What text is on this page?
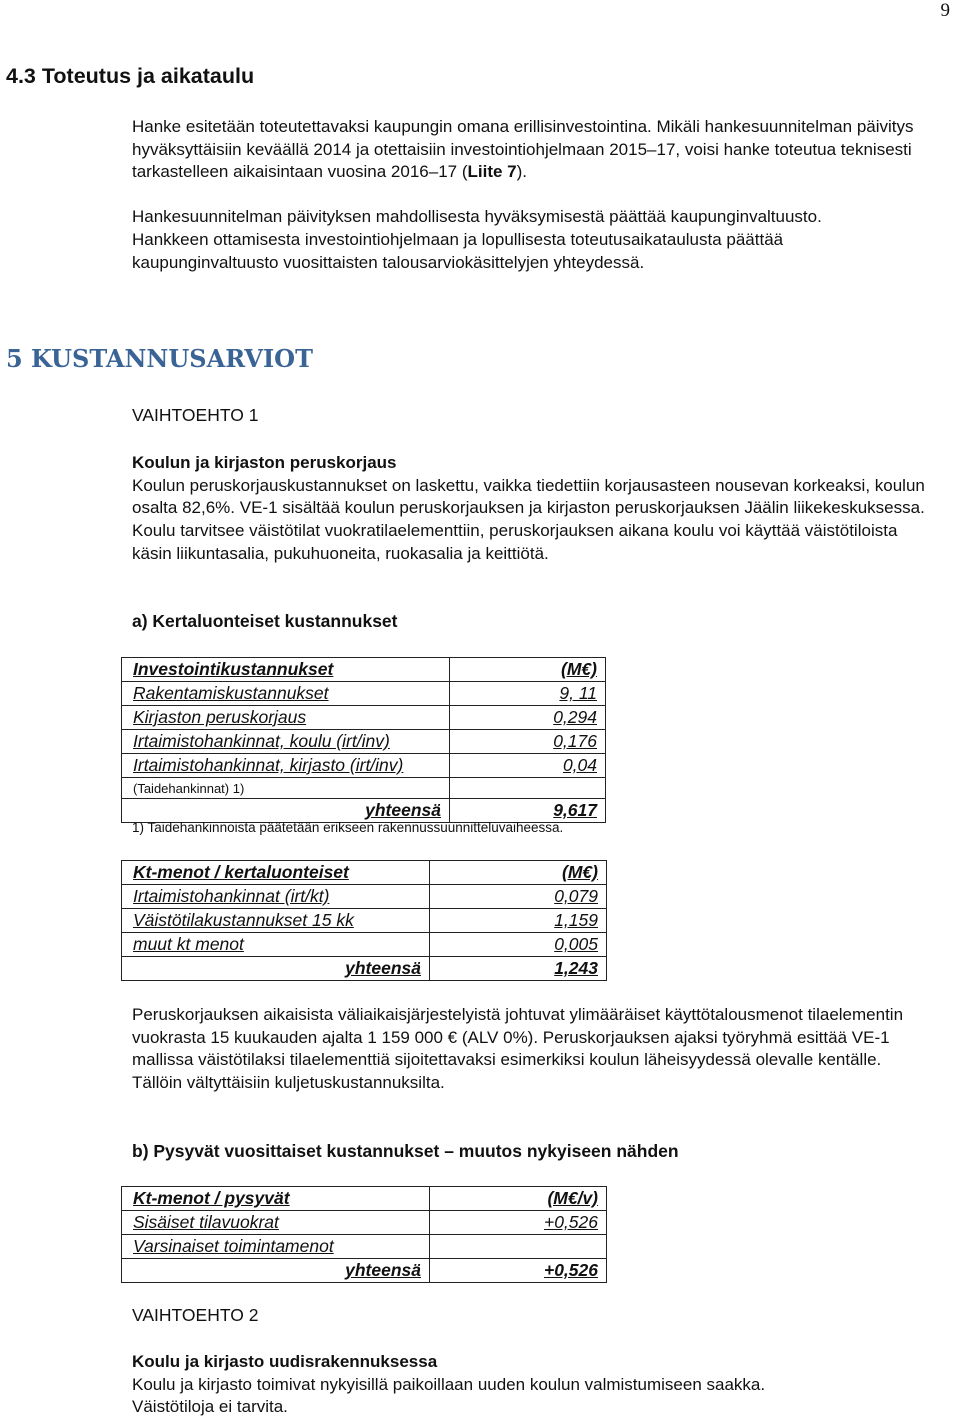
9
4.3 Toteutus ja aikataulu

Hanke esitetään toteutettavaksi kaupungin omana erillisinvestointina. Mikäli hankesuunnitelman päivitys hyväksyttäisiin keväällä 2014 ja otettaisiin investointiohjelmaan 2015–17, voisi hanke toteutua teknisesti tarkastelleen aikaisintaan vuosina 2016–17 (Liite 7).

Hankesuunnitelman päivityksen mahdollisesta hyväksymisestä päättää kaupunginvaltuusto.

Hankkeen ottamisesta investointiohjelmaan ja lopullisesta toteutusaikataulusta päättää kaupunginvaltuusto vuosittaisten talousarviokäsittelyjen yhteydessä.

5 KUSTANNUSARVIOT
VAIHTOEHTO 1

Koulun ja kirjaston peruskorjaus

Koulun peruskorjauskustannukset on laskettu, vaikka tiedettiin korjausasteen nousevan korkeaksi, koulun osalta 82,6%. VE-1 sisältää koulun peruskorjauksen ja kirjaston peruskorjauksen Jäälin liikekeskuksessa.

Koulu tarvitsee väistötilat vuokratilaelementtiin, peruskorjauksen aikana koulu voi käyttää väistötiloista käsin liikuntasalia, pukuhuoneita, ruokasalia ja keittiötä.

a) Kertaluonteiset kustannukset
Investointikustannukset	(M€)
Rakentamiskustannukset	9, 11
Kirjaston peruskorjaus	0,294
Irtaimistohankinnat, koulu (irt/inv)	0,176
Irtaimistohankinnat, kirjasto (irt/inv)	0,04
(Taidehankinnat) 1)	
yhteensä	9,617
1) Taidehankinnoista päätetään erikseen rakennussuunnitteluvaiheessa.
Kt-menot / kertaluonteiset	(M€)
Irtaimistohankinnat (irt/kt)	0,079
Väistötilakustannukset 15 kk	1,159
muut kt menot	0,005
yhteensä	1,243

Peruskorjauksen aikaisista väliaikaisjärjestelyistä johtuvat ylimääräiset käyttötalousmenot tilaelementin vuokrasta 15 kuukauden ajalta 1 159 000 € (ALV 0%). Peruskorjauksen ajaksi työryhmä esittää VE-1 mallissa väistötilaksi tilaelementtiä sijoitettavaksi esimerkiksi koulun läheisyydessä olevalle kentälle. Tällöin vältyttäisiin kuljetuskustannuksilta.

b) Pysyvät vuosittaiset kustannukset – muutos nykyiseen nähden
Kt-menot / pysyvät	(M€/v)
Sisäiset tilavuokrat	+0,526
Varsinaiset toimintamenot	
yhteensä	+0,526
VAIHTOEHTO 2

Koulu ja kirjasto uudisrakennuksessa

Koulu ja kirjasto toimivat nykyisillä paikoillaan uuden koulun valmistumiseen saakka.

Väistötiloja ei tarvita.
